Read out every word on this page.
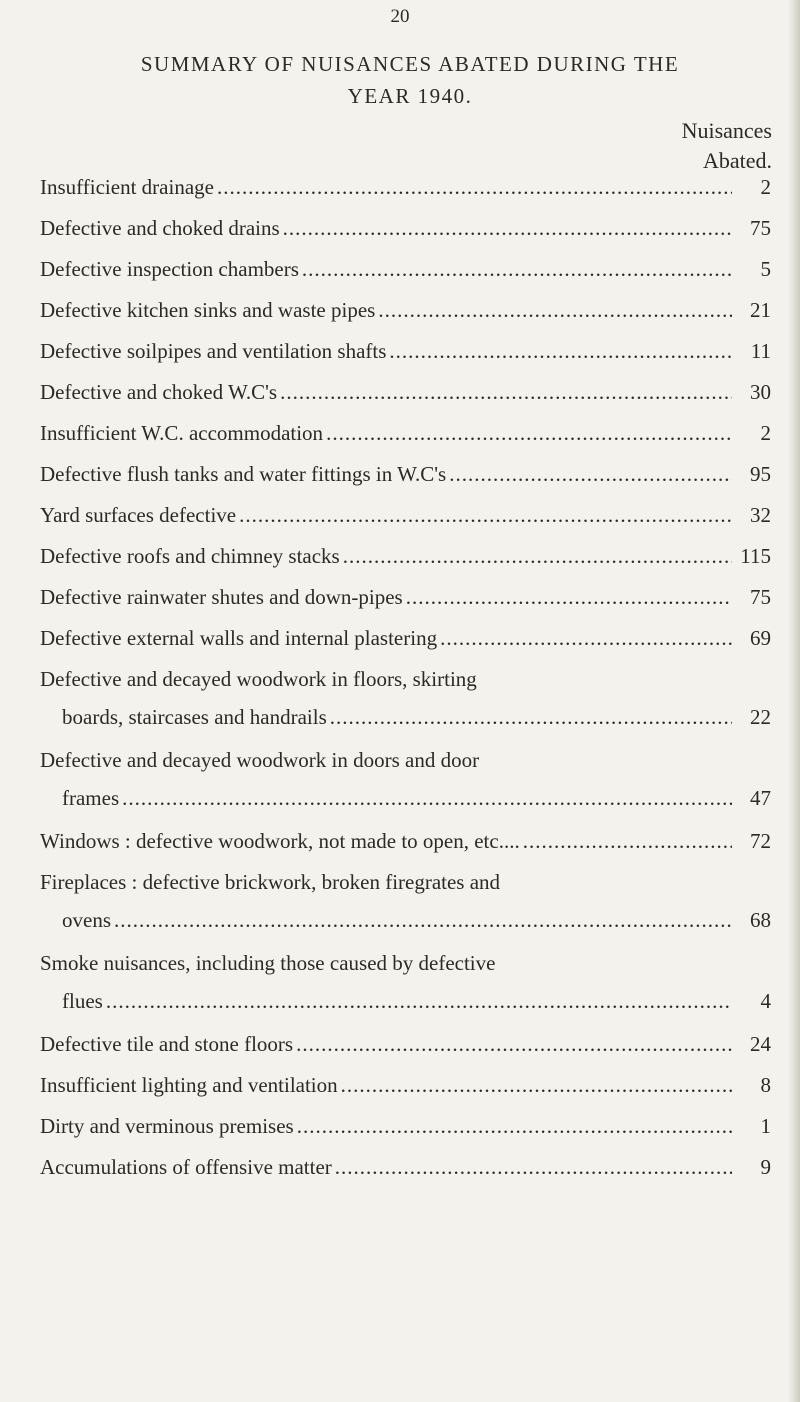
20
SUMMARY OF NUISANCES ABATED DURING THE
YEAR 1940.
Nuisances
Abated.
Insufficient drainage .....	2
Defective and choked drains .....	75
Defective inspection chambers .....	5
Defective kitchen sinks and waste pipes .....	21
Defective soilpipes and ventilation shafts .....	11
Defective and choked W.C's .....	30
Insufficient W.C. accommodation .....	2
Defective flush tanks and water fittings in W.C's .....	95
Yard surfaces defective .....	32
Defective roofs and chimney stacks .....	115
Defective rainwater shutes and down-pipes .....	75
Defective external walls and internal plastering .....	69
Defective and decayed woodwork in floors, skirting
boards, staircases and handrails .....	22
Defective and decayed woodwork in doors and door
frames .....	47
Windows : defective woodwork, not made to open, etc.... .....	72
Fireplaces : defective brickwork, broken firegrates and
ovens .....	68
Smoke nuisances, including those caused by defective
flues .....	4
Defective tile and stone floors .....	24
Insufficient lighting and ventilation .....	8
Dirty and verminous premises .....	1
Accumulations of offensive matter .....	9
